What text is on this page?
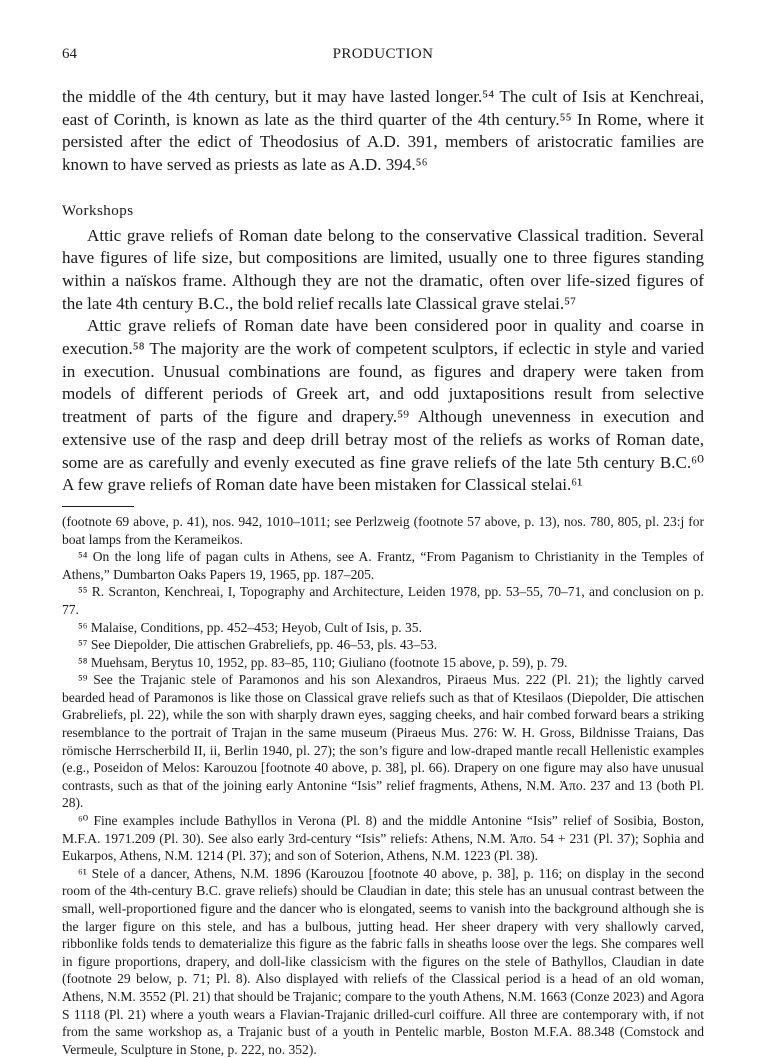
64	PRODUCTION

the middle of the 4th century, but it may have lasted longer.⁵⁴ The cult of Isis at Kenchreai, east of Corinth, is known as late as the third quarter of the 4th century.⁵⁵ In Rome, where it persisted after the edict of Theodosius of A.D. 391, members of aristocratic families are known to have served as priests as late as A.D. 394.⁵⁶

Workshops

Attic grave reliefs of Roman date belong to the conservative Classical tradition. Several have figures of life size, but compositions are limited, usually one to three figures standing within a naïskos frame. Although they are not the dramatic, often over life-sized figures of the late 4th century B.C., the bold relief recalls late Classical grave stelai.⁵⁷

Attic grave reliefs of Roman date have been considered poor in quality and coarse in execution.⁵⁸ The majority are the work of competent sculptors, if eclectic in style and varied in execution. Unusual combinations are found, as figures and drapery were taken from models of different periods of Greek art, and odd juxtapositions result from selective treatment of parts of the figure and drapery.⁵⁹ Although unevenness in execution and extensive use of the rasp and deep drill betray most of the reliefs as works of Roman date, some are as carefully and evenly executed as fine grave reliefs of the late 5th century B.C.⁶⁰ A few grave reliefs of Roman date have been mistaken for Classical stelai.⁶¹

(footnote 69 above, p. 41), nos. 942, 1010–1011; see Perlzweig (footnote 57 above, p. 13), nos. 780, 805, pl. 23:j for boat lamps from the Kerameikos.

⁵⁴ On the long life of pagan cults in Athens, see A. Frantz, “From Paganism to Christianity in the Temples of Athens,” Dumbarton Oaks Papers 19, 1965, pp. 187–205.

⁵⁵ R. Scranton, Kenchreai, I, Topography and Architecture, Leiden 1978, pp. 53–55, 70–71, and conclusion on p. 77.

⁵⁶ Malaise, Conditions, pp. 452–453; Heyob, Cult of Isis, p. 35.

⁵⁷ See Diepolder, Die attischen Grabreliefs, pp. 46–53, pls. 43–53.

⁵⁸ Muehsam, Berytus 10, 1952, pp. 83–85, 110; Giuliano (footnote 15 above, p. 59), p. 79.

⁵⁹ See the Trajanic stele of Paramonos and his son Alexandros, Piraeus Mus. 222 (Pl. 21); the lightly carved bearded head of Paramonos is like those on Classical grave reliefs such as that of Ktesilaos (Diepolder, Die attischen Grabreliefs, pl. 22), while the son with sharply drawn eyes, sagging cheeks, and hair combed forward bears a striking resemblance to the portrait of Trajan in the same museum (Piraeus Mus. 276: W. H. Gross, Bildnisse Traians, Das römische Herrscherbild II, ii, Berlin 1940, pl. 27); the son’s figure and low-draped mantle recall Hellenistic examples (e.g., Poseidon of Melos: Karouzou [footnote 40 above, p. 38], pl. 66). Drapery on one figure may also have unusual contrasts, such as that of the joining early Antonine “Isis” relief fragments, Athens, N.M. Ἀπο. 237 and 13 (both Pl. 28).

⁶⁰ Fine examples include Bathyllos in Verona (Pl. 8) and the middle Antonine “Isis” relief of Sosibia, Boston, M.F.A. 1971.209 (Pl. 30). See also early 3rd-century “Isis” reliefs: Athens, N.M. Ἀπο. 54 + 231 (Pl. 37); Sophia and Eukarpos, Athens, N.M. 1214 (Pl. 37); and son of Soterion, Athens, N.M. 1223 (Pl. 38).

⁶¹ Stele of a dancer, Athens, N.M. 1896 (Karouzou [footnote 40 above, p. 38], p. 116; on display in the second room of the 4th-century B.C. grave reliefs) should be Claudian in date; this stele has an unusual contrast between the small, well-proportioned figure and the dancer who is elongated, seems to vanish into the background although she is the larger figure on this stele, and has a bulbous, jutting head. Her sheer drapery with very shallowly carved, ribbonlike folds tends to dematerialize this figure as the fabric falls in sheaths loose over the legs. She compares well in figure proportions, drapery, and doll-like classicism with the figures on the stele of Bathyllos, Claudian in date (footnote 29 below, p. 71; Pl. 8). Also displayed with reliefs of the Classical period is a head of an old woman, Athens, N.M. 3552 (Pl. 21) that should be Trajanic; compare to the youth Athens, N.M. 1663 (Conze 2023) and Agora S 1118 (Pl. 21) where a youth wears a Flavian-Trajanic drilled-curl coiffure. All three are contemporary with, if not from the same workshop as, a Trajanic bust of a youth in Pentelic marble, Boston M.F.A. 88.348 (Comstock and Vermeule, Sculpture in Stone, p. 222, no. 352).
